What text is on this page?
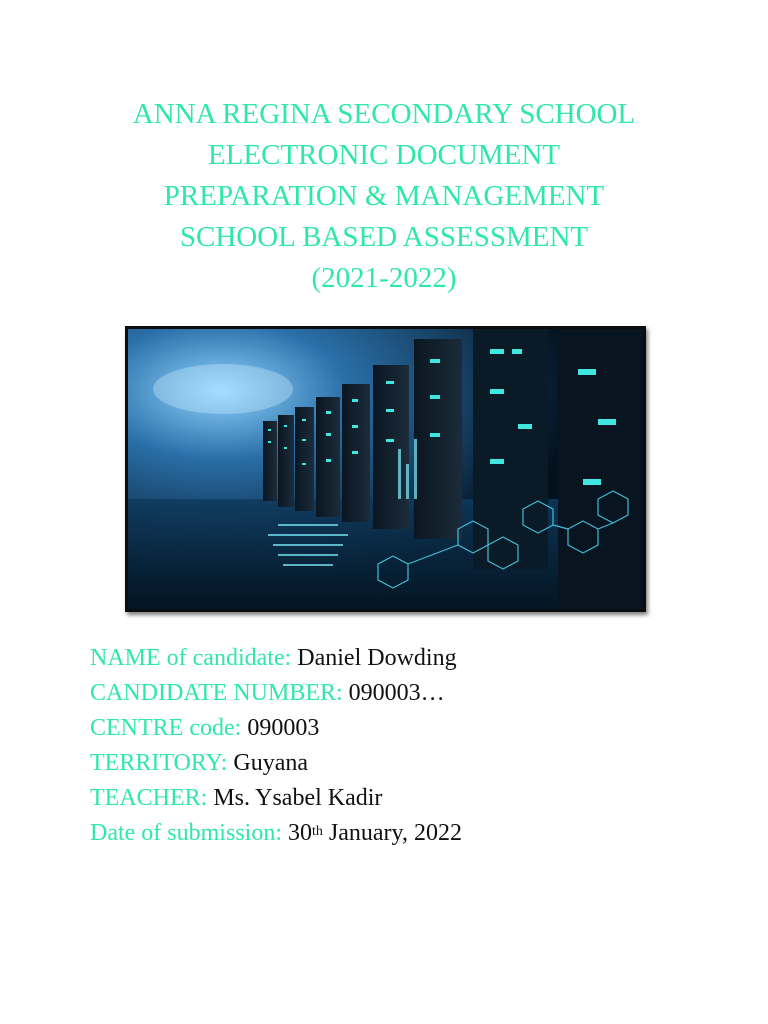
ANNA REGINA SECONDARY SCHOOL
ELECTRONIC DOCUMENT
PREPARATION & MANAGEMENT
SCHOOL BASED ASSESSMENT
(2021-2022)
NAME of candidate: Daniel Dowding
CANDIDATE NUMBER: 090003…
CENTRE code: 090003
TERRITORY: Guyana
TEACHER: Ms. Ysabel Kadir
Date of submission: 30th January, 2022
